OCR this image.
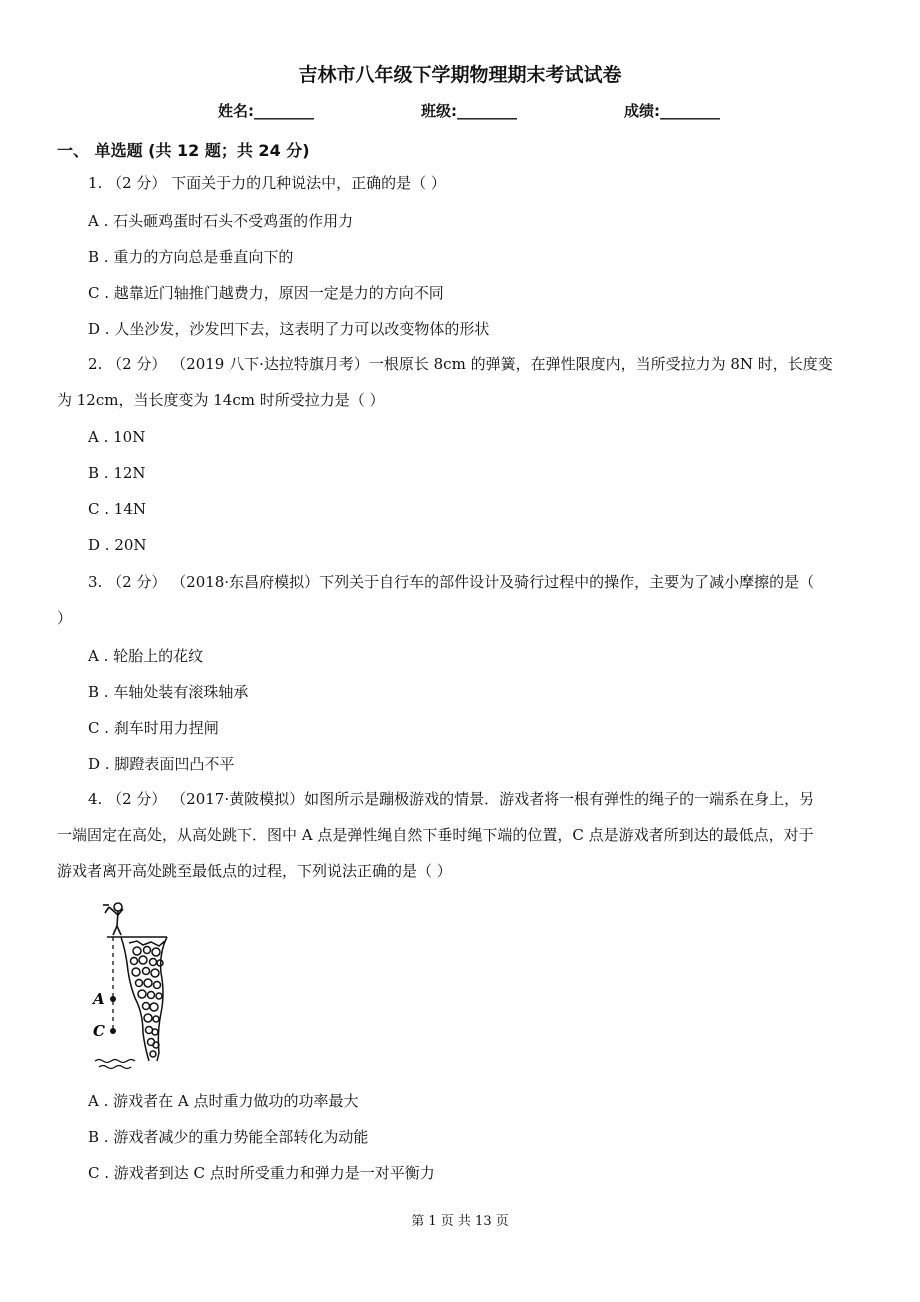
吉林市八年级下学期物理期末考试试卷
姓名:________	班级:________	成绩:________
一、 单选题 (共 12 题；共 24 分)
1. （2 分） 下面关于力的几种说法中，正确的是（ ）
A . 石头砸鸡蛋时石头不受鸡蛋的作用力
B . 重力的方向总是垂直向下的
C . 越靠近门轴推门越费力，原因一定是力的方向不同
D . 人坐沙发，沙发凹下去，这表明了力可以改变物体的形状
2. （2 分） （2019 八下·达拉特旗月考）一根原长 8cm 的弹簧，在弹性限度内，当所受拉力为 8N 时，长度变
为 12cm，当长度变为 14cm 时所受拉力是（ ）
A . 10N
B . 12N
C . 14N
D . 20N
3. （2 分） （2018·东昌府模拟）下列关于自行车的部件设计及骑行过程中的操作，主要为了减小摩擦的是（
）
A . 轮胎上的花纹
B . 车轴处装有滚珠轴承
C . 刹车时用力捏闸
D . 脚蹬表面凹凸不平
4. （2 分） （2017·黄陂模拟）如图所示是蹦极游戏的情景．游戏者将一根有弹性的绳子的一端系在身上，另
一端固定在高处，从高处跳下．图中 A 点是弹性绳自然下垂时绳下端的位置，C 点是游戏者所到达的最低点，对于
游戏者离开高处跳至最低点的过程，下列说法正确的是（ ）
A
C
A . 游戏者在 A 点时重力做功的功率最大
B . 游戏者减少的重力势能全部转化为动能
C . 游戏者到达 C 点时所受重力和弹力是一对平衡力
第 1 页 共 13 页
